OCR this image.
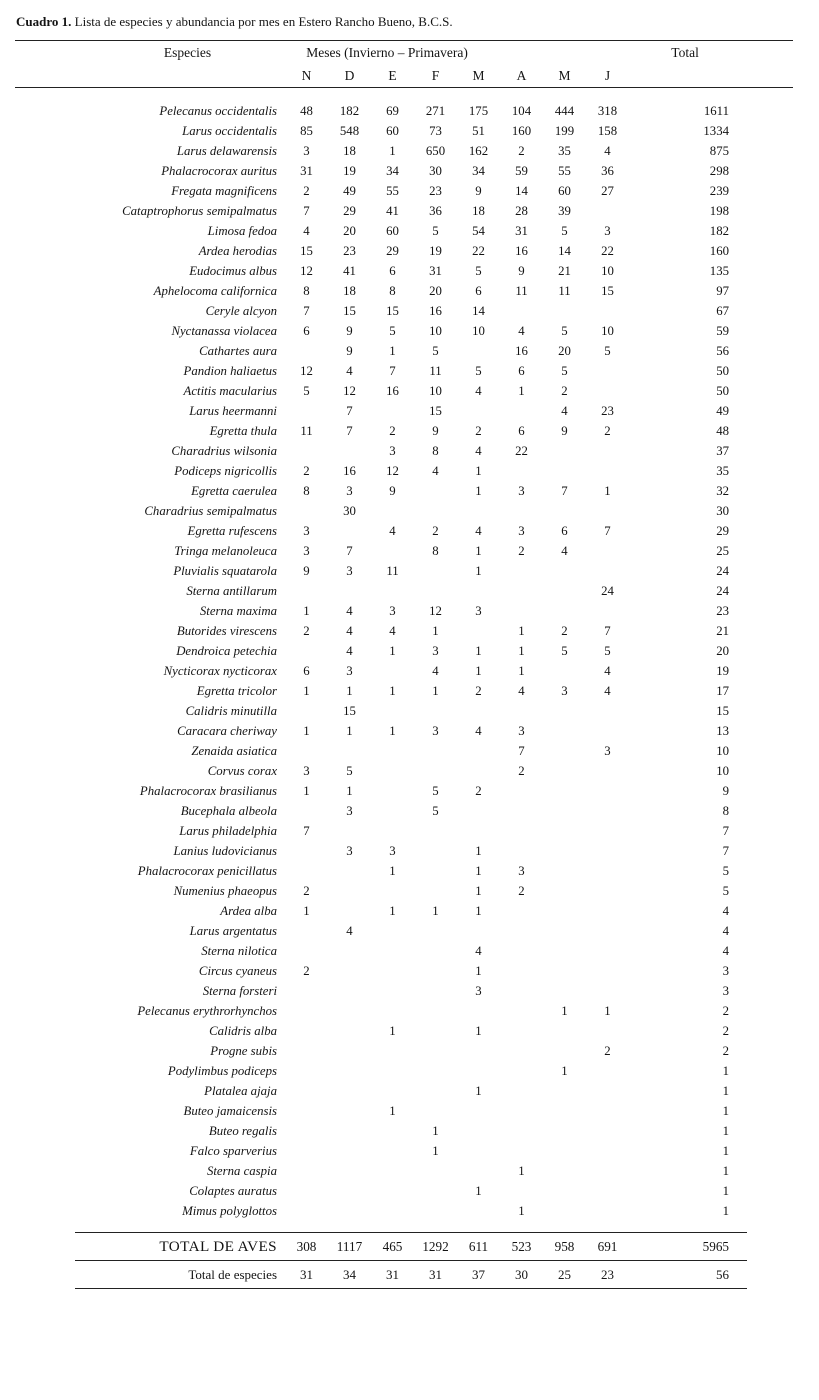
Cuadro 1. Lista de especies y abundancia por mes en Estero Rancho Bueno, B.C.S.

Especies	Meses (Invierno – Primavera)								Total	
	N	D	E	F	M	A	M	J		
Pelecanus occidentalis	48	182	69	271	175	104	444	318	1611	
Larus occidentalis	85	548	60	73	51	160	199	158	1334	
Larus delawarensis	3	18	1	650	162	2	35	4	875	
Phalacrocorax auritus	31	19	34	30	34	59	55	36	298	
Fregata magnificens	2	49	55	23	9	14	60	27	239	
Cataptrophorus semipalmatus	7	29	41	36	18	28	39		198	
Limosa fedoa	4	20	60	5	54	31	5	3	182	
Ardea herodias	15	23	29	19	22	16	14	22	160	
Eudocimus albus	12	41	6	31	5	9	21	10	135	
Aphelocoma californica	8	18	8	20	6	11	11	15	97	
Ceryle alcyon	7	15	15	16	14				67	
Nyctanassa violacea	6	9	5	10	10	4	5	10	59	
Cathartes aura		9	1	5		16	20	5	56	
Pandion haliaetus	12	4	7	11	5	6	5		50	
Actitis macularius	5	12	16	10	4	1	2		50	
Larus heermanni		7		15			4	23	49	
Egretta thula	11	7	2	9	2	6	9	2	48	
Charadrius wilsonia			3	8	4	22			37	
Podiceps nigricollis	2	16	12	4	1				35	
Egretta caerulea	8	3	9		1	3	7	1	32	
Charadrius semipalmatus		30							30	
Egretta rufescens	3		4	2	4	3	6	7	29	
Tringa melanoleuca	3	7		8	1	2	4		25	
Pluvialis squatarola	9	3	11		1				24	
Sterna antillarum								24	24	
Sterna maxima	1	4	3	12	3				23	
Butorides virescens	2	4	4	1		1	2	7	21	
Dendroica petechia		4	1	3	1	1	5	5	20	
Nycticorax nycticorax	6	3		4	1	1		4	19	
Egretta tricolor	1	1	1	1	2	4	3	4	17	
Calidris minutilla		15							15	
Caracara cheriway	1	1	1	3	4	3			13	
Zenaida asiatica						7		3	10	
Corvus corax	3	5				2			10	
Phalacrocorax brasilianus	1	1		5	2				9	
Bucephala albeola		3		5					8	
Larus philadelphia	7								7	
Lanius ludovicianus		3	3		1				7	
Phalacrocorax penicillatus			1		1	3			5	
Numenius phaeopus	2				1	2			5	
Ardea alba	1		1	1	1				4	
Larus argentatus		4							4	
Sterna nilotica					4				4	
Circus cyaneus	2				1				3	
Sterna forsteri					3				3	
Pelecanus erythrorhynchos							1	1	2	
Calidris alba			1		1				2	
Progne subis								2	2	
Podylimbus podiceps							1		1	
Platalea ajaja					1				1	
Buteo jamaicensis			1						1	
Buteo regalis				1					1	
Falco sparverius				1					1	
Sterna caspia						1			1	
Colaptes auratus					1				1	
Mimus polyglottos						1			1	
TOTAL DE AVES	308	1117	465	1292	611	523	958	691	5965	
Total de especies	31	34	31	31	37	30	25	23	56	
